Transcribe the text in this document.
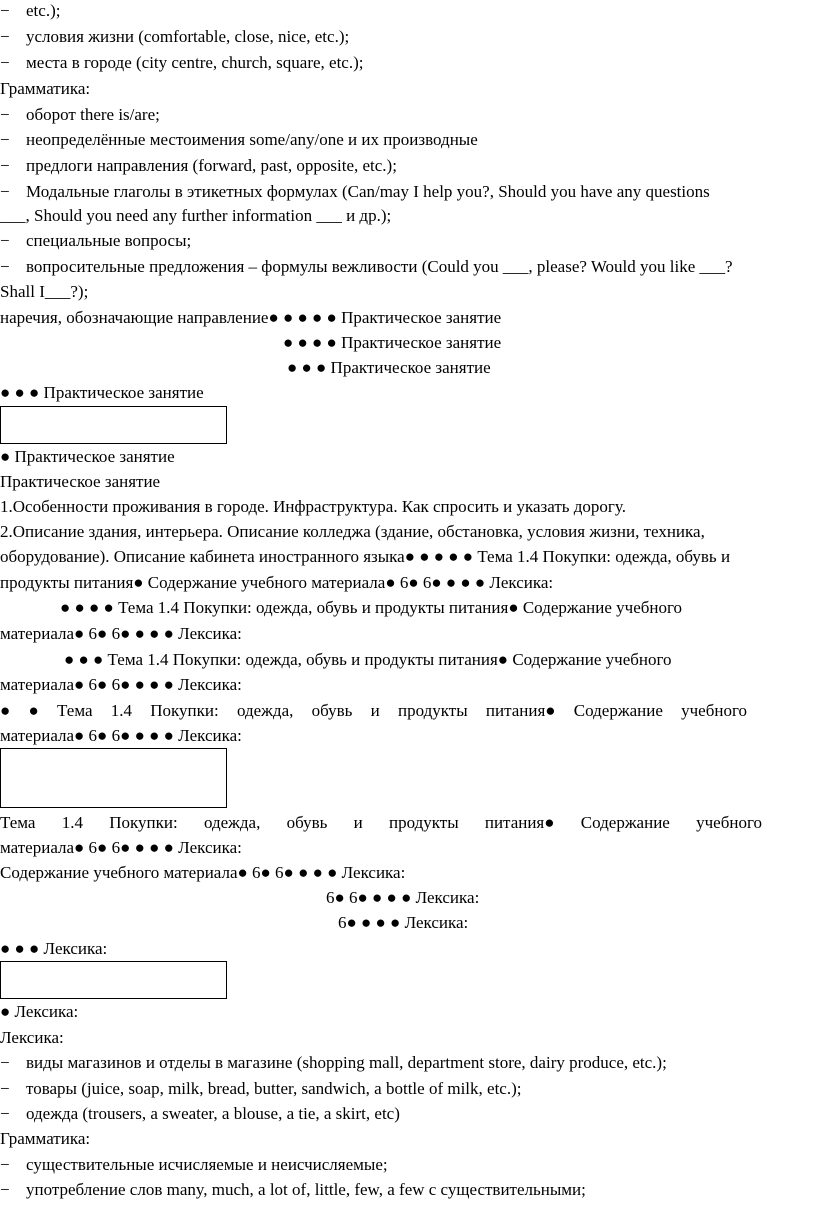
− etc.);
− условия жизни (comfortable, close, nice, etc.);
− места в городе (city centre, church, square, etc.);
Грамматика:
− оборот there is/are;
− неопределённые местоимения some/any/one и их производные
− предлоги направления (forward, past, opposite, etc.);
− Модальные глаголы в этикетных формулах (Can/may I help you?, Should you have any questions
___, Should you need any further information ___ и др.);
− специальные вопросы;
− вопросительные предложения – формулы вежливости (Could you ___, please? Would you like ___?
Shall I___?);
наречия, обозначающие направление● ● ● ● ● Практическое занятие
● ● ● ● Практическое занятие
● ● ● Практическое занятие
● ● ● Практическое занятие
● Практическое занятие
Практическое занятие
1.Особенности проживания в городе. Инфраструктура. Как спросить и указать дорогу.
2.Описание здания, интерьера. Описание колледжа (здание, обстановка, условия жизни, техника,
оборудование). Описание кабинета иностранного языка● ● ● ● ● Тема 1.4 Покупки: одежда, обувь и
продукты питания● Содержание учебного материала● 6● 6● ● ● ● Лексика:
● ● ● ● Тема 1.4 Покупки: одежда, обувь и продукты питания● Содержание учебного
материала● 6● 6● ● ● ● Лексика:
● ● ● Тема 1.4 Покупки: одежда, обувь и продукты питания● Содержание учебного
материала● 6● 6● ● ● ● Лексика:
● ● Тема 1.4 Покупки: одежда, обувь и продукты питания● Содержание учебного
материала● 6● 6● ● ● ● Лексика:
Тема 1.4 Покупки: одежда, обувь и продукты питания● Содержание учебного
материала● 6● 6● ● ● ● Лексика:
Содержание учебного материала● 6● 6● ● ● ● Лексика:
6● 6● ● ● ● Лексика:
6● ● ● ● Лексика:
● ● ● Лексика:
● Лексика:
Лексика:
− виды магазинов и отделы в магазине (shopping mall, department store, dairy produce, etc.);
− товары (juice, soap, milk, bread, butter, sandwich, a bottle of milk, etc.);
− одежда (trousers, a sweater, a blouse, a tie, a skirt, etc)
Грамматика:
− существительные исчисляемые и неисчисляемые;
− употребление слов many, much, a lot of, little, few, a few с существительными;
